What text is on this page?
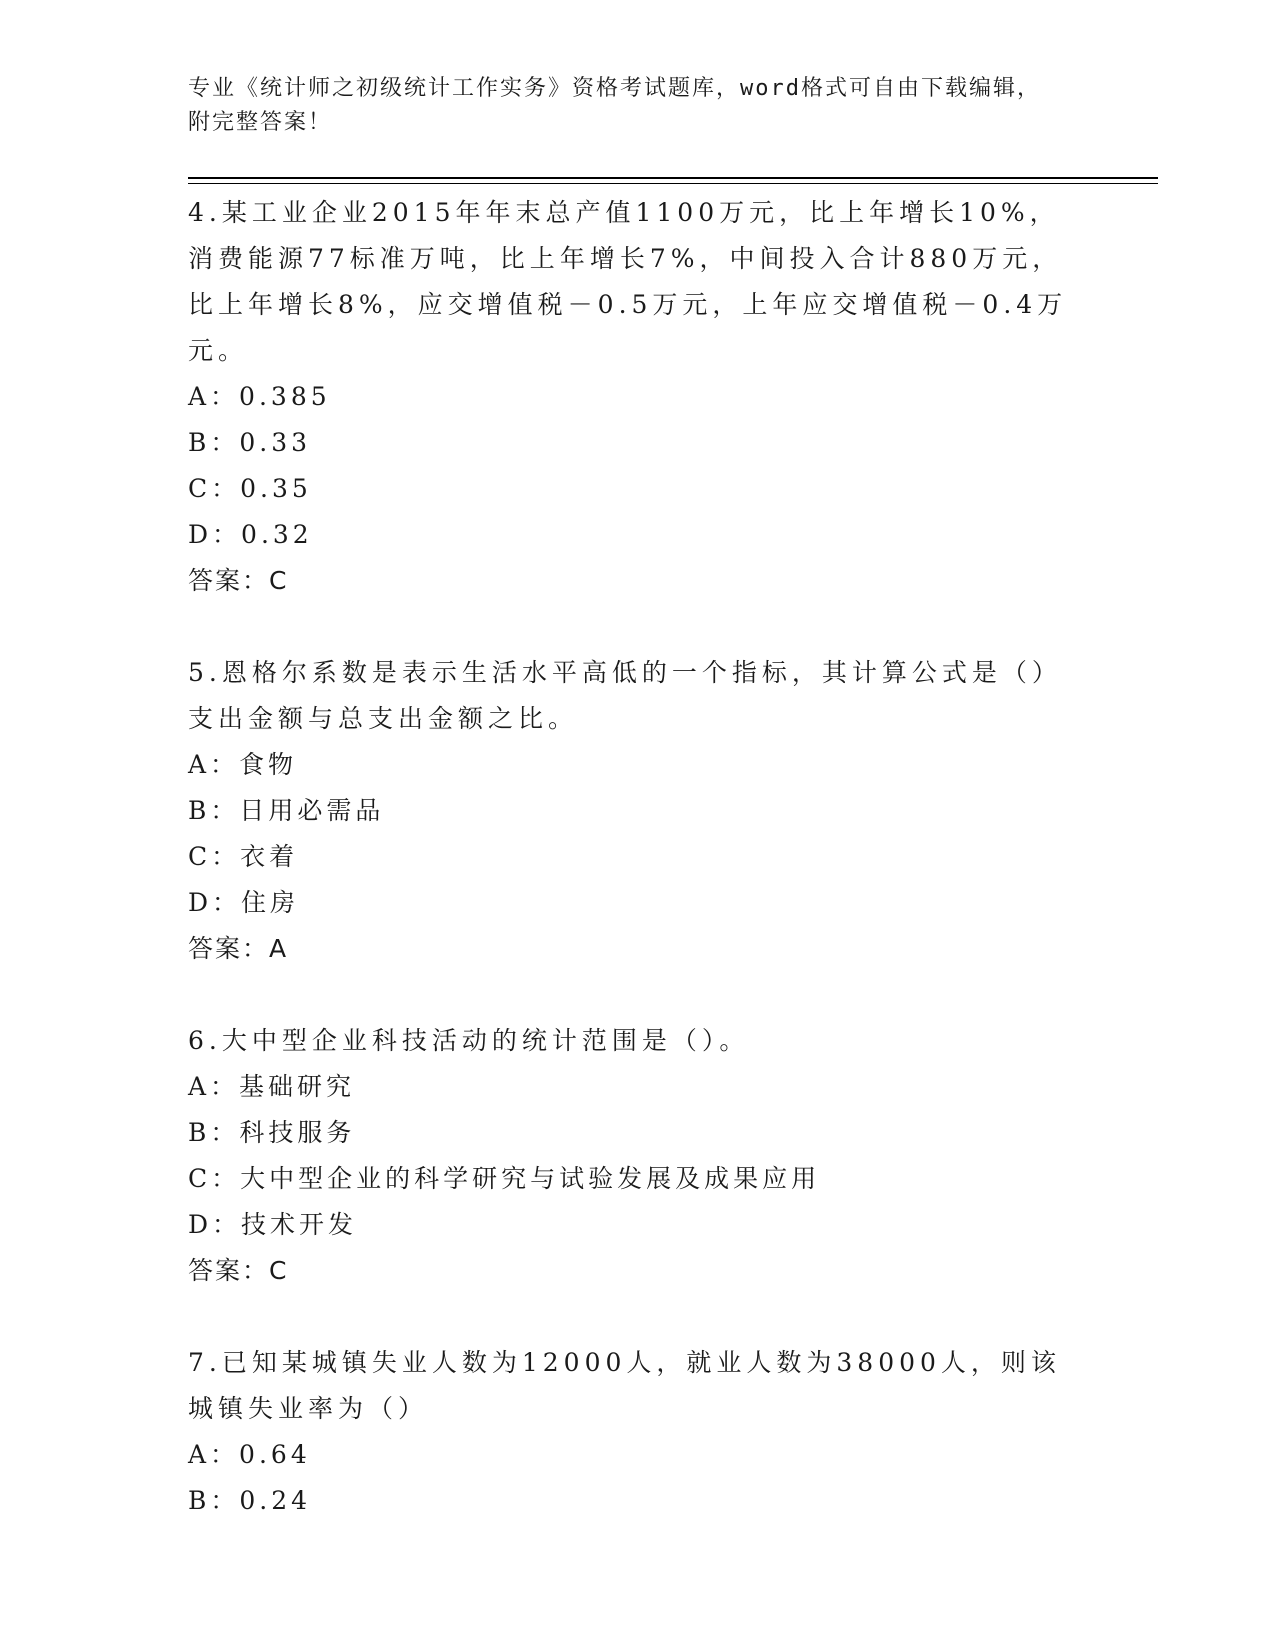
专业《统计师之初级统计工作实务》资格考试题库，word格式可自由下载编辑，
附完整答案！

4.某工业企业2015年年末总产值1100万元，比上年增长10%，消费能源77标准万吨，比上年增长7%，中间投入合计880万元，比上年增长8%，应交增值税－0.5万元，上年应交增值税－0.4万元。

A：0.385

B：0.33

C：0.35

D：0.32

答案：C

5.恩格尔系数是表示生活水平高低的一个指标，其计算公式是（）支出金额与总支出金额之比。

A：食物

B：日用必需品

C：衣着

D：住房

答案：A

6.大中型企业科技活动的统计范围是（）。

A：基础研究

B：科技服务

C：大中型企业的科学研究与试验发展及成果应用

D：技术开发

答案：C

7.已知某城镇失业人数为12000人，就业人数为38000人，则该城镇失业率为（）

A：0.64

B：0.24
